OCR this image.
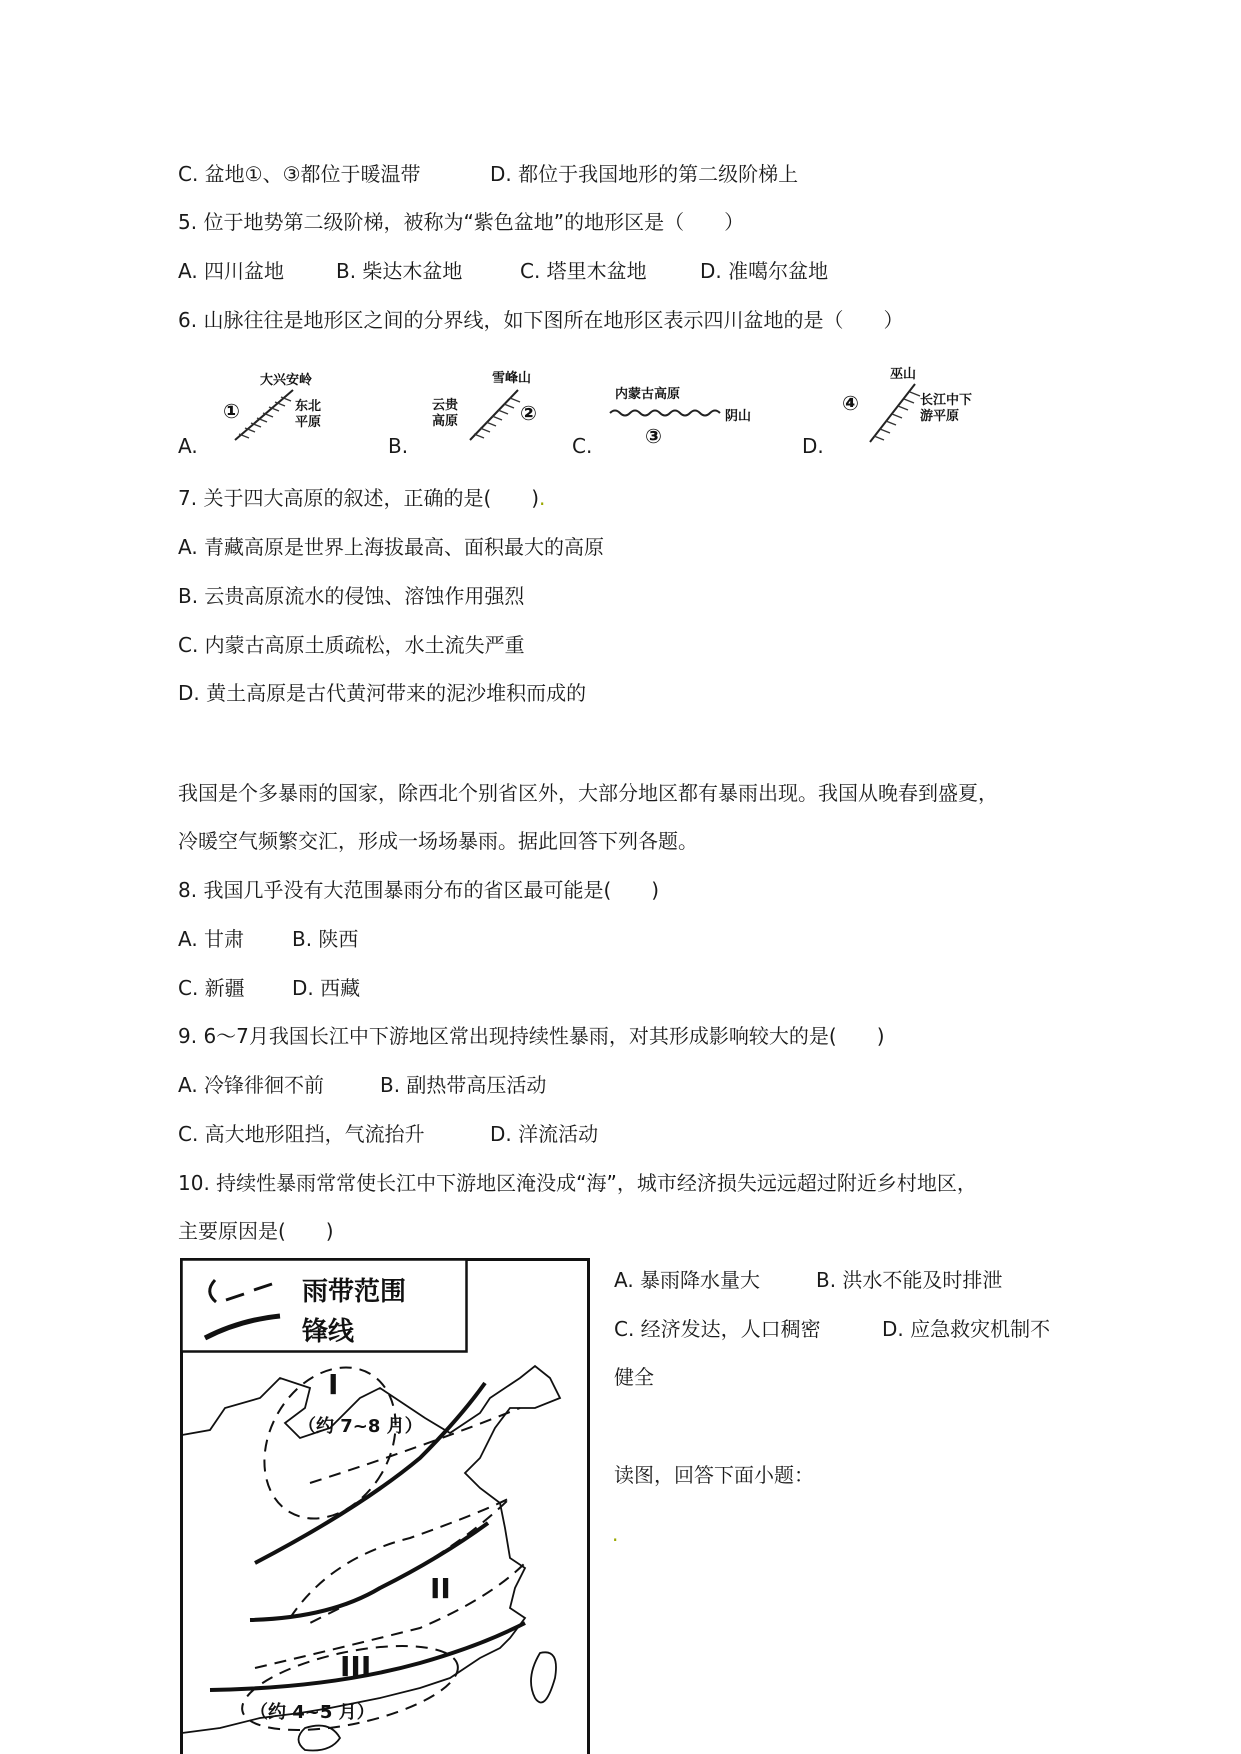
C. 盆地①、③都位于暖温带	D. 都位于我国地形的第二级阶梯上
5. 位于地势第二级阶梯，被称为“紫色盆地”的地形区是（　　）
A. 四川盆地	B. 柴达木盆地	C. 塔里木盆地	D. 准噶尔盆地
6. 山脉往往是地形区之间的分界线，如下图所在地形区表示四川盆地的是（　　）
A.
大兴安岭
①	东北
平原
B.
雪峰山
云贵
高原	②
C.
内蒙古高原
阴山
③	D.
巫山
④	长江中下
游平原
7. 关于四大高原的叙述，正确的是(　　).
A. 青藏高原是世界上海拔最高、面积最大的高原
B. 云贵高原流水的侵蚀、溶蚀作用强烈
C. 内蒙古高原土质疏松，水土流失严重
D. 黄土高原是古代黄河带来的泥沙堆积而成的
我国是个多暴雨的国家，除西北个别省区外，大部分地区都有暴雨出现。我国从晚春到盛夏，
冷暖空气频繁交汇，形成一场场暴雨。据此回答下列各题。
8. 我国几乎没有大范围暴雨分布的省区最可能是(　　)
A. 甘肃 B. 陕西
C. 新疆 D. 西藏
9. 6～7月我国长江中下游地区常出现持续性暴雨，对其形成影响较大的是(　　)
A. 冷锋徘徊不前	B. 副热带高压活动
C. 高大地形阻挡，气流抬升	D. 洋流活动
10. 持续性暴雨常常使长江中下游地区淹没成“海”，城市经济损失远远超过附近乡村地区，
主要原因是(　　)
A. 暴雨降水量大	B. 洪水不能及时排泄
C. 经济发达，人口稠密	D. 应急救灾机制不
健全
读图，回答下面小题：
.
雨带范围
锋线
I
（约 7~8 月）
II
III
（约 4~5 月）
